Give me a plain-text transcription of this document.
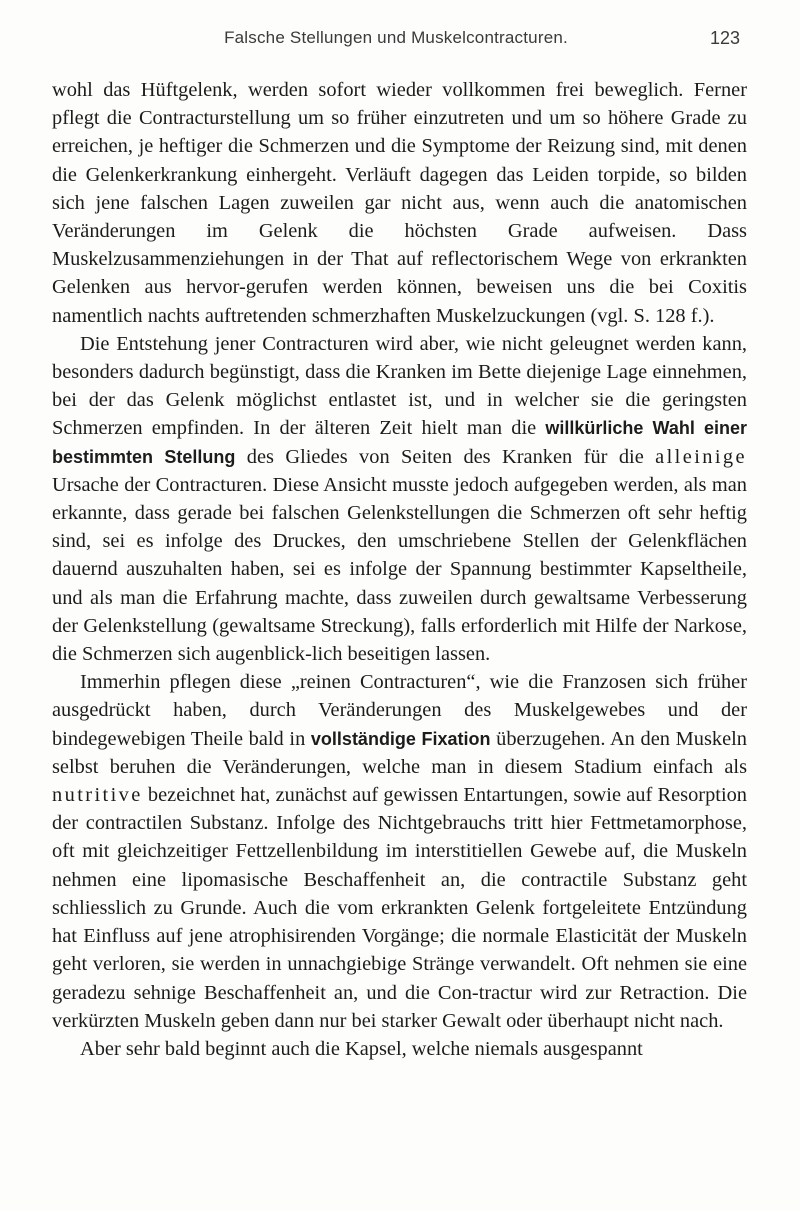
Falsche Stellungen und Muskelcontracturen.	123

wohl das Hüftgelenk, werden sofort wieder vollkommen frei beweglich. Ferner pflegt die Contracturstellung um so früher einzutreten und um so höhere Grade zu erreichen, je heftiger die Schmerzen und die Symptome der Reizung sind, mit denen die Gelenkerkrankung einhergeht. Verläuft dagegen das Leiden torpide, so bilden sich jene falschen Lagen zuweilen gar nicht aus, wenn auch die anatomischen Veränderungen im Gelenk die höchsten Grade aufweisen. Dass Muskelzusammenziehungen in der That auf reflectorischem Wege von erkrankten Gelenken aus hervor-gerufen werden können, beweisen uns die bei Coxitis namentlich nachts auftretenden schmerzhaften Muskelzuckungen (vgl. S. 128 f.).

Die Entstehung jener Contracturen wird aber, wie nicht geleugnet werden kann, besonders dadurch begünstigt, dass die Kranken im Bette diejenige Lage einnehmen, bei der das Gelenk möglichst entlastet ist, und in welcher sie die geringsten Schmerzen empfinden. In der älteren Zeit hielt man die willkürliche Wahl einer bestimmten Stellung des Gliedes von Seiten des Kranken für die alleinige Ursache der Contracturen. Diese Ansicht musste jedoch aufgegeben werden, als man erkannte, dass gerade bei falschen Gelenkstellungen die Schmerzen oft sehr heftig sind, sei es infolge des Druckes, den umschriebene Stellen der Gelenkflächen dauernd auszuhalten haben, sei es infolge der Spannung bestimmter Kapseltheile, und als man die Erfahrung machte, dass zuweilen durch gewaltsame Verbesserung der Gelenkstellung (gewaltsame Streckung), falls erforderlich mit Hilfe der Narkose, die Schmerzen sich augenblick-lich beseitigen lassen.

Immerhin pflegen diese „reinen Contracturen“, wie die Franzosen sich früher ausgedrückt haben, durch Veränderungen des Muskelgewebes und der bindegewebigen Theile bald in vollständige Fixation überzugehen. An den Muskeln selbst beruhen die Veränderungen, welche man in diesem Stadium einfach als nutritive bezeichnet hat, zunächst auf gewissen Entartungen, sowie auf Resorption der contractilen Substanz. Infolge des Nichtgebrauchs tritt hier Fettmetamorphose, oft mit gleichzeitiger Fettzellenbildung im interstitiellen Gewebe auf, die Muskeln nehmen eine lipomasische Beschaffenheit an, die contractile Substanz geht schliesslich zu Grunde. Auch die vom erkrankten Gelenk fortgeleitete Entzündung hat Einfluss auf jene atrophisirenden Vorgänge; die normale Elasticität der Muskeln geht verloren, sie werden in unnachgiebige Stränge verwandelt. Oft nehmen sie eine geradezu sehnige Beschaffenheit an, und die Con-tractur wird zur Retraction. Die verkürzten Muskeln geben dann nur bei starker Gewalt oder überhaupt nicht nach.

Aber sehr bald beginnt auch die Kapsel, welche niemals ausgespannt
